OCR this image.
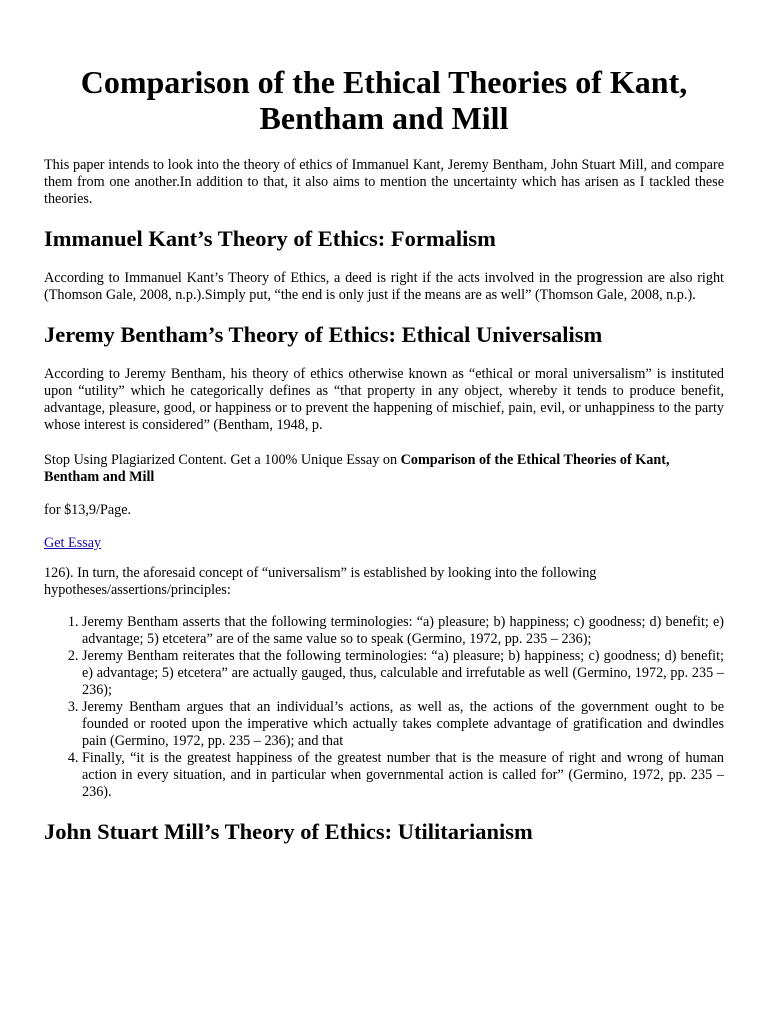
Comparison of the Ethical Theories of Kant,
Bentham and Mill

This paper intends to look into the theory of ethics of Immanuel Kant, Jeremy Bentham, John Stuart Mill, and compare them from one another.In addition to that, it also aims to mention the uncertainty which has arisen as I tackled these theories.

Immanuel Kant’s Theory of Ethics: Formalism

According to Immanuel Kant’s Theory of Ethics, a deed is right if the acts involved in the progression are also right (Thomson Gale, 2008, n.p.).Simply put, “the end is only just if the means are as well” (Thomson Gale, 2008, n.p.).

Jeremy Bentham’s Theory of Ethics: Ethical Universalism

According to Jeremy Bentham, his theory of ethics otherwise known as “ethical or moral universalism” is instituted upon “utility” which he categorically defines as “that property in any object, whereby it tends to produce benefit, advantage, pleasure, good, or happiness or to prevent the happening of mischief, pain, evil, or unhappiness to the party whose interest is considered” (Bentham, 1948, p.

Stop Using Plagiarized Content. Get a 100% Unique Essay on Comparison of the Ethical Theories of Kant, Bentham and Mill

for $13,9/Page.

Get Essay

126). In turn, the aforesaid concept of “universalism” is established by looking into the following hypotheses/assertions/principles:

1. Jeremy Bentham asserts that the following terminologies: “a) pleasure; b) happiness; c) goodness; d) benefit; e) advantage; 5) etcetera” are of the same value so to speak (Germino, 1972, pp. 235 – 236);
2. Jeremy Bentham reiterates that the following terminologies: “a) pleasure; b) happiness; c) goodness; d) benefit; e) advantage; 5) etcetera” are actually gauged, thus, calculable and irrefutable as well (Germino, 1972, pp. 235 – 236);
3. Jeremy Bentham argues that an individual’s actions, as well as, the actions of the government ought to be founded or rooted upon the imperative which actually takes complete advantage of gratification and dwindles pain (Germino, 1972, pp. 235 – 236); and that
4. Finally, “it is the greatest happiness of the greatest number that is the measure of right and wrong of human action in every situation, and in particular when governmental action is called for” (Germino, 1972, pp. 235 – 236).
John Stuart Mill’s Theory of Ethics: Utilitarianism
